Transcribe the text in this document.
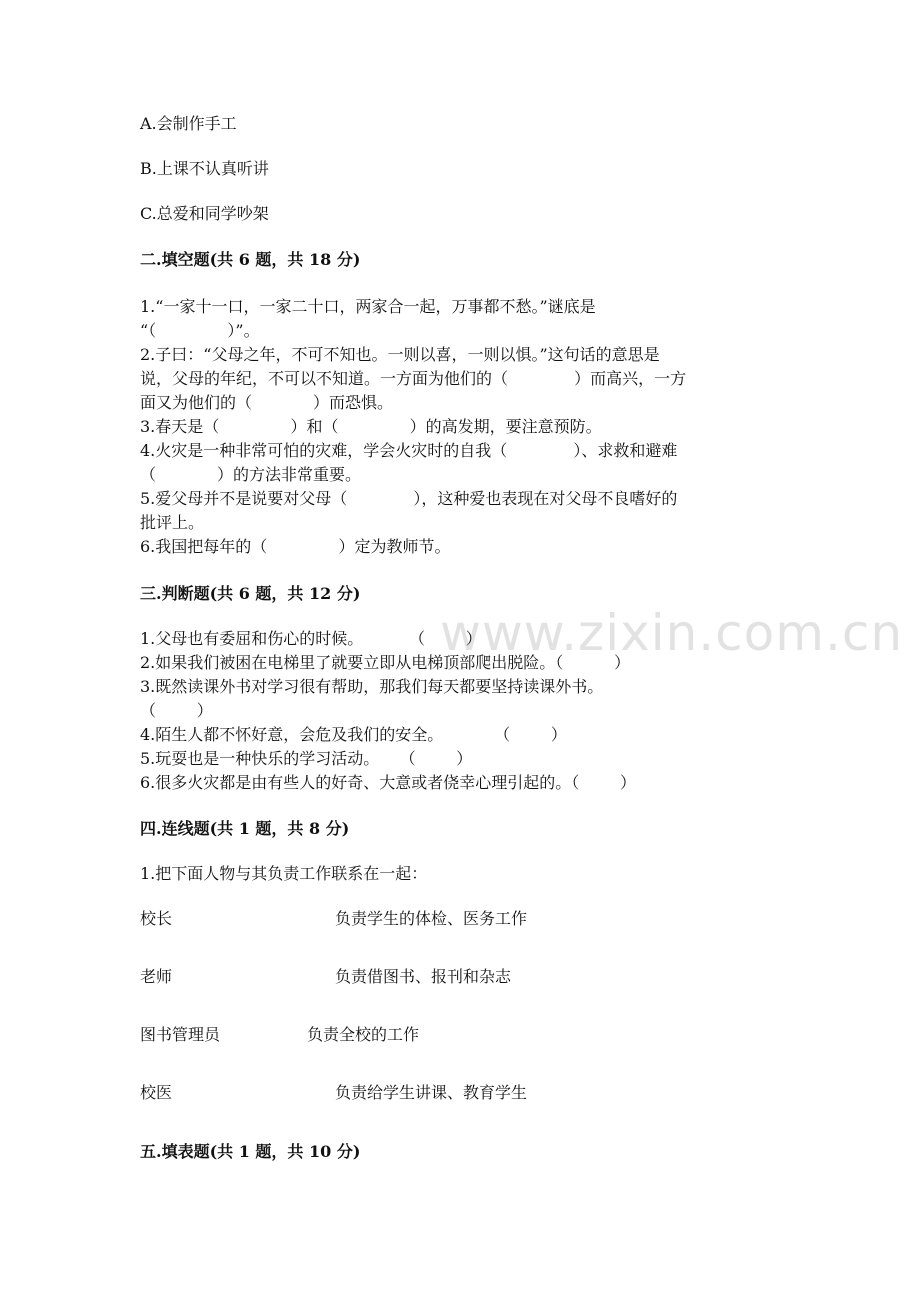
www.zixin.com.cn
A.会制作手工
B.上课不认真听讲
C.总爱和同学吵架
二.填空题(共 6 题，共 18 分)
1.“一家十一口，一家二十口，两家合一起，万事都不愁。”谜底是
“（              ）”。
2.子曰：“父母之年，不可不知也。一则以喜，一则以惧。”这句话的意思是
说，父母的年纪，不可以不知道。一方面为他们的（             ）而高兴，一方
面又为他们的（            ）而恐惧。
3.春天是（              ）和（              ）的高发期，要注意预防。
4.火灾是一种非常可怕的灾难，学会火灾时的自我（             ）、求救和避难
（            ）的方法非常重要。
5.爱父母并不是说要对父母（             ），这种爱也表现在对父母不良嗜好的
批评上。
6.我国把每年的（              ）定为教师节。
三.判断题(共 6 题，共 12 分)
1.父母也有委屈和伤心的时候。         （        ）
2.如果我们被困在电梯里了就要立即从电梯顶部爬出脱险。（          ）
3.既然读课外书对学习很有帮助，那我们每天都要坚持读课外书。
（        ）
4.陌生人都不怀好意，会危及我们的安全。          （        ）
5.玩耍也是一种快乐的学习活动。    （        ）
6.很多火灾都是由有些人的好奇、大意或者侥幸心理引起的。（        ）
四.连线题(共 1 题，共 8 分)
1.把下面人物与其负责工作联系在一起：
校长	负责学生的体检、医务工作
老师	负责借图书、报刊和杂志
图书管理员	负责全校的工作
校医	负责给学生讲课、教育学生
五.填表题(共 1 题，共 10 分)
